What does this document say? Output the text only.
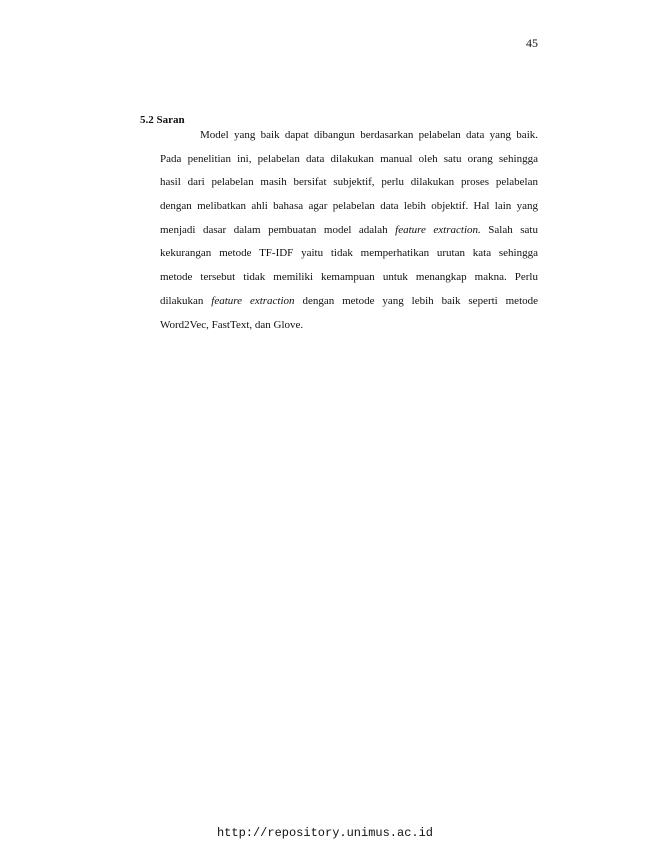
45
5.2 Saran
Model yang baik dapat dibangun berdasarkan pelabelan data yang baik.
Pada penelitian ini, pelabelan data dilakukan manual oleh satu orang sehingga
hasil dari pelabelan masih bersifat subjektif, perlu dilakukan proses pelabelan
dengan melibatkan ahli bahasa agar pelabelan data lebih objektif. Hal lain yang
menjadi dasar dalam pembuatan model adalah feature extraction. Salah satu
kekurangan metode TF-IDF yaitu tidak memperhatikan urutan kata sehingga
metode tersebut tidak memiliki kemampuan untuk menangkap makna. Perlu
dilakukan feature extraction dengan metode yang lebih baik seperti metode
Word2Vec, FastText, dan Glove.
http://repository.unimus.ac.id
